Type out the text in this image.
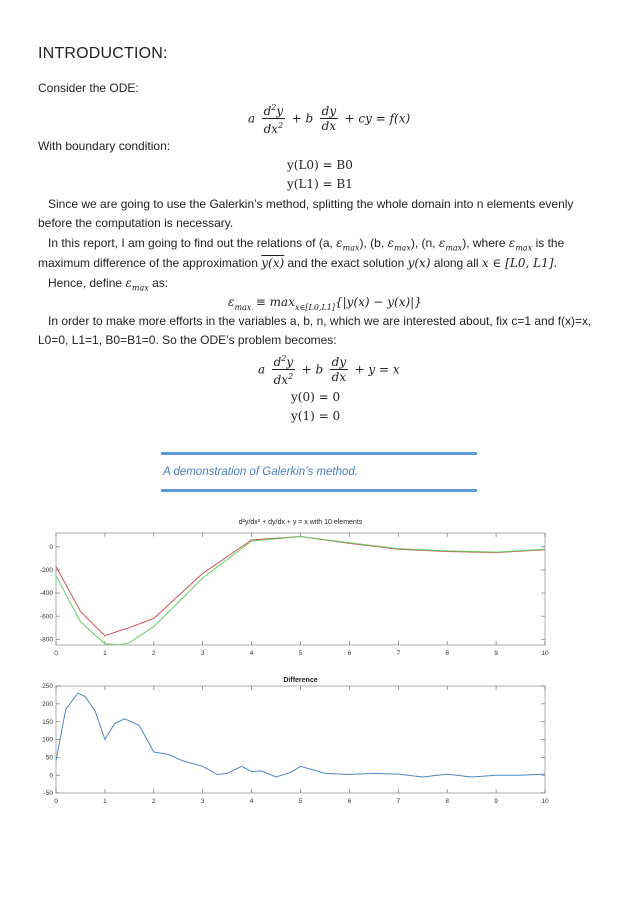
INTRODUCTION:
Consider the ODE:
a $\frac{d^2y}{dx^2} + b \frac{dy}{dx}$ + cy = f(x)
With boundary condition:
y(L0) = B0
y(L1) = B1
Since we are going to use the Galerkin’s method, splitting the whole domain into n elements evenly
before the computation is necessary.
In this report, I am going to find out the relations of (a, $\varepsilon_{max}$), (b, $\varepsilon_{max}$), (n, $\varepsilon_{max}$), where $\varepsilon_{max}$ is the
maximum difference of the approximation y(x) and the exact solution y(x) along all x ∈ [L0, L1].
Hence, define $\varepsilon_{max}$ as:
$\varepsilon_{max} \equiv \max_{x\in[L0,L1]}\{|y(x) - y(x)|\}$
In order to make more efforts in the variables a, b, n, which we are interested about, fix c=1 and f(x)=x,
L0=0, L1=1, B0=B1=0. So the ODE’s problem becomes:
a $\frac{d^2y}{dx^2} + b \frac{dy}{dx} + y = x$
y(0) = 0
y(1) = 0
A demonstration of Galerkin’s method.
d²y/dx² + dy/dx + y = x with 10 elements
0	1	2	3	4	5	6	7	8	9	10
0
-200
-400
-600
-800
Difference
0	1	2	3	4	5	6	7	8	9	10
250
200
150
100
50
0
-50
